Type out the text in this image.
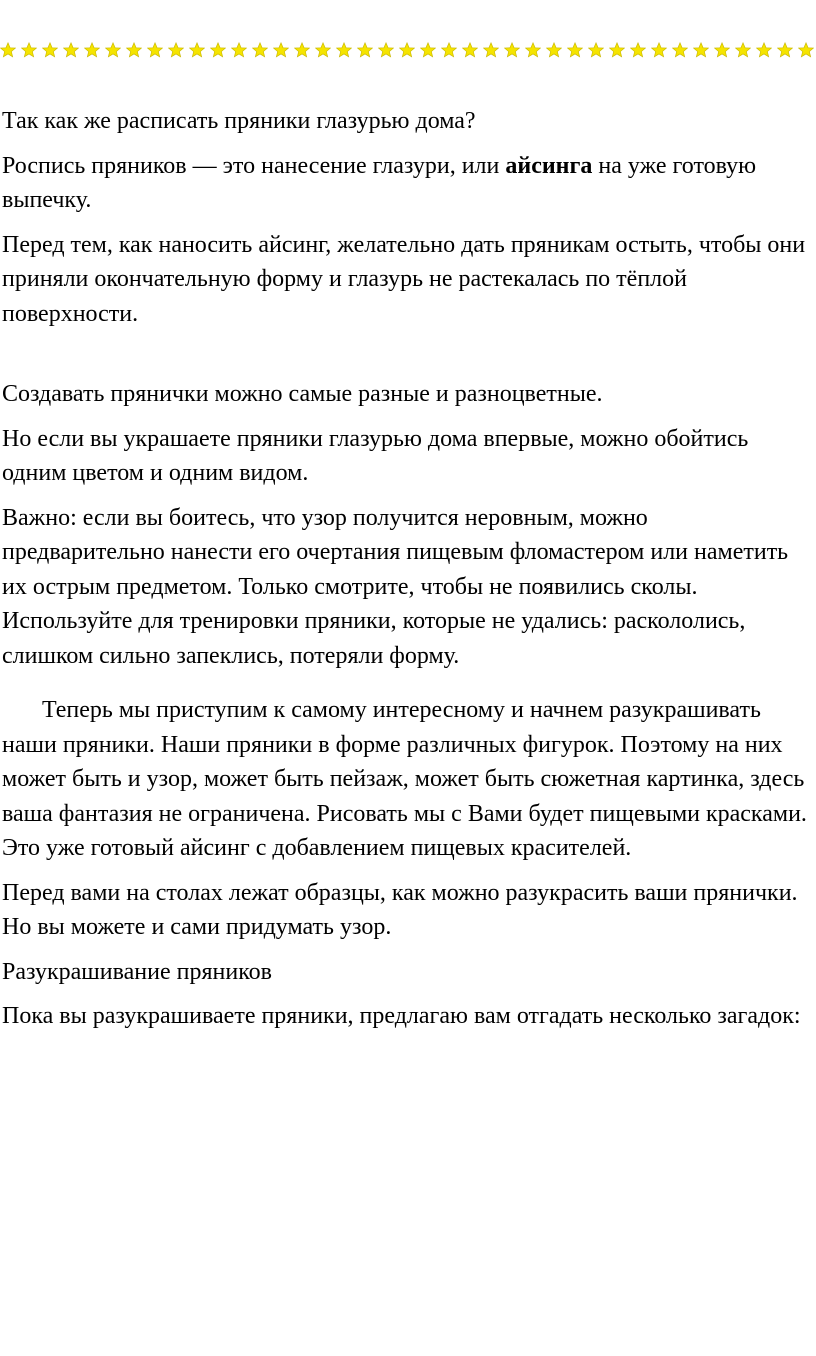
Так как же расписать пряники глазурью дома?

Роспись пряников — это нанесение глазури, или айсинга на уже готовую выпечку.

Перед тем, как наносить айсинг, желательно дать пряникам остыть, чтобы они приняли окончательную форму и глазурь не растекалась по тёплой поверхности.

Создавать прянички можно самые разные и разноцветные.

Но если вы украшаете пряники глазурью дома впервые, можно обойтись одним цветом и одним видом.

Важно: если вы боитесь, что узор получится неровным, можно предварительно нанести его очертания пищевым фломастером или наметить их острым предметом. Только смотрите, чтобы не появились сколы. Используйте для тренировки пряники, которые не удались: раскололись, слишком сильно запеклись, потеряли форму.

Теперь мы приступим к самому интересному и начнем разукрашивать наши пряники. Наши пряники в форме различных фигурок. Поэтому на них может быть и узор, может быть пейзаж, может быть сюжетная картинка, здесь ваша фантазия не ограничена. Рисовать мы с Вами будет пищевыми красками. Это уже готовый айсинг с добавлением пищевых красителей.

Перед вами на столах лежат образцы, как можно разукрасить ваши прянички. Но вы можете и сами придумать узор.

Разукрашивание пряников

Пока вы разукрашиваете пряники, предлагаю вам отгадать несколько загадок:
